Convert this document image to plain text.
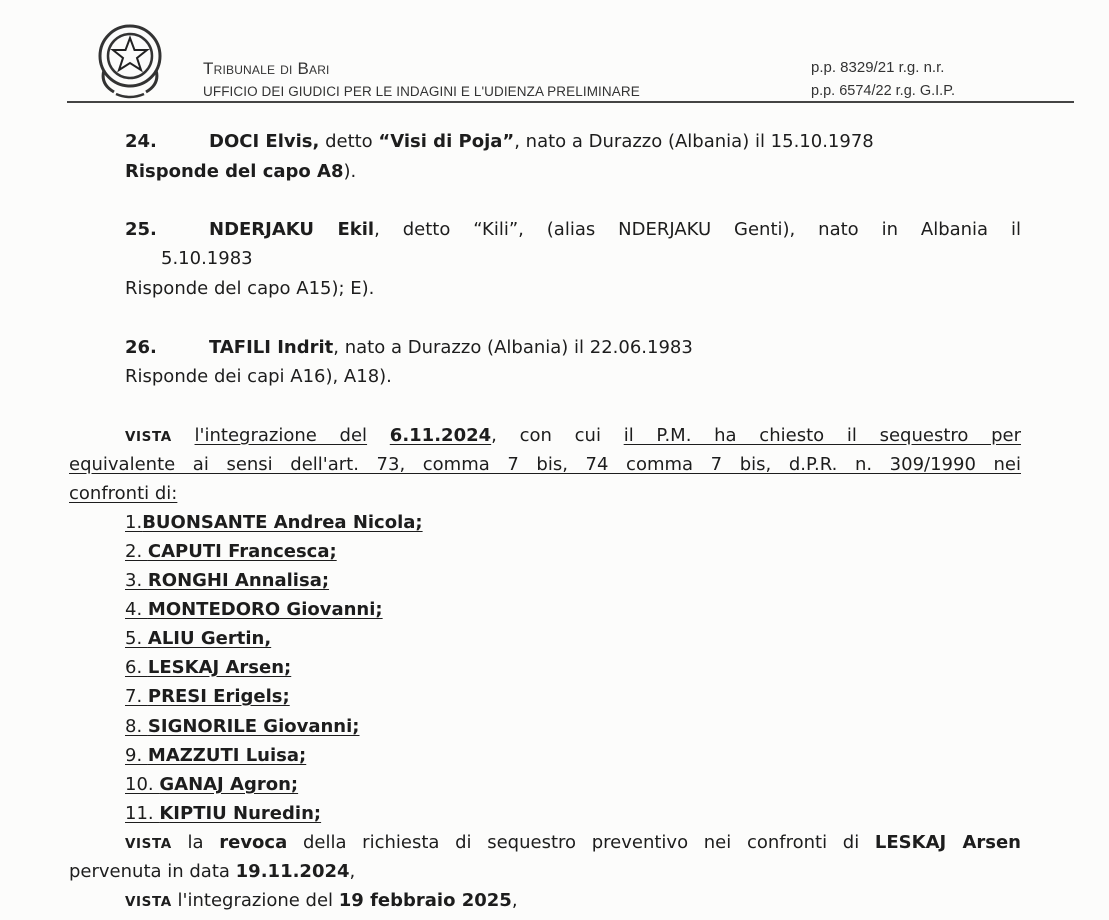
Tribunale di Bari
UFFICIO DEI GIUDICI PER LE INDAGINI E L'UDIENZA PRELIMINARE
p.p. 8329/21 r.g. n.r.
p.p. 6574/22 r.g. G.I.P.
24.	DOCI Elvis, detto “Visi di Poja”, nato a Durazzo (Albania) il 15.10.1978
Risponde del capo A8).
25.	NDERJAKU Ekil, detto “Kili”, (alias NDERJAKU Genti), nato in Albania il
5.10.1983
Risponde del capo A15); E).
26.	TAFILI Indrit, nato a Durazzo (Albania) il 22.06.1983
Risponde dei capi A16), A18).
VISTA l'integrazione del 6.11.2024, con cui il P.M. ha chiesto il sequestro per
equivalente ai sensi dell'art. 73, comma 7 bis, 74 comma 7 bis, d.P.R. n. 309/1990 nei
confronti di:
1.BUONSANTE Andrea Nicola;
2. CAPUTI Francesca;
3. RONGHI Annalisa;
4. MONTEDORO Giovanni;
5. ALIU Gertin,
6. LESKAJ Arsen;
7. PRESI Erigels;
8. SIGNORILE Giovanni;
9. MAZZUTI Luisa;
10. GANAJ Agron;
11. KIPTIU Nuredin;
VISTA la revoca della richiesta di sequestro preventivo nei confronti di LESKAJ Arsen
pervenuta in data 19.11.2024,
VISTA l'integrazione del 19 febbraio 2025,
